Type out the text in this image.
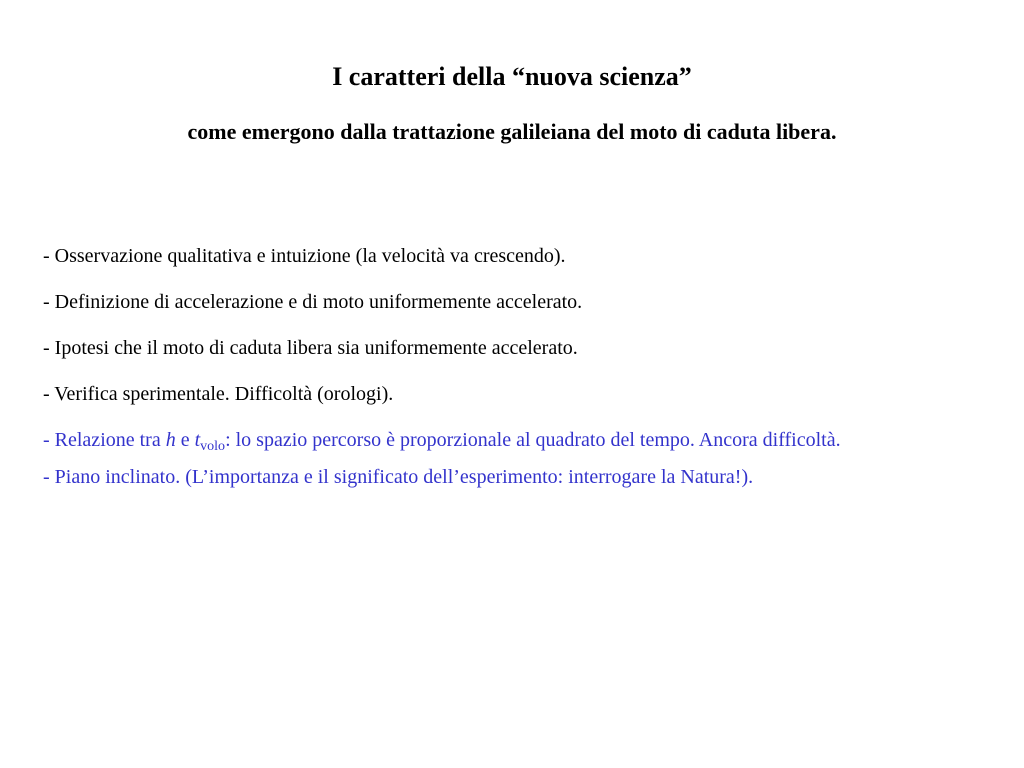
I caratteri della “nuova scienza”
come emergono dalla trattazione galileiana del moto di caduta libera.
- Osservazione qualitativa e intuizione (la velocità va crescendo).
- Definizione di accelerazione e di moto uniformemente accelerato.
- Ipotesi che il moto di caduta libera sia uniformemente accelerato.
- Verifica sperimentale. Difficoltà (orologi).
- Relazione tra h e $t_{volo}$: lo spazio percorso è proporzionale al quadrato del tempo. Ancora difficoltà.
- Piano inclinato. (L’importanza e il significato dell’esperimento: interrogare la Natura!).
